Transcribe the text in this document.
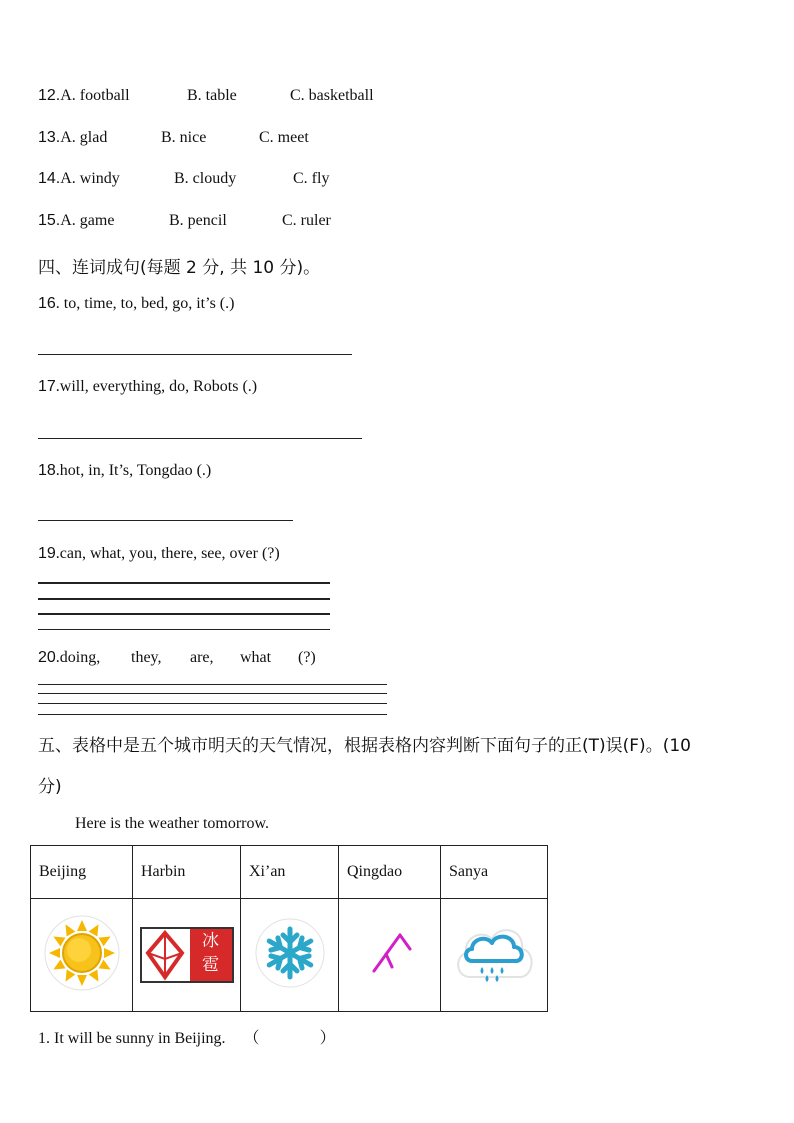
12.A. football	B. table	C. basketball
13.A. glad	B. nice	C. meet
14.A. windy	B. cloudy	C. fly
15.A. game	B. pencil	C. ruler
四、连词成句(每题 2 分, 共 10 分)。
16. to, time, to, bed, go, it’s (.)
17.will, everything, do, Robots (.)
18.hot, in, It’s, Tongdao (.)
19.can, what, you, there, see, over (?)
20.doing, they, are, what (?)
五、表格中是五个城市明天的天气情况，根据表格内容判断下面句子的正(T)误(F)。(10
分)
Here is the weather tomorrow.
Beijing	Harbin	Xi’an	Qingdao	Sanya

冰
雹

1. It will be sunny in Beijing. （	）
